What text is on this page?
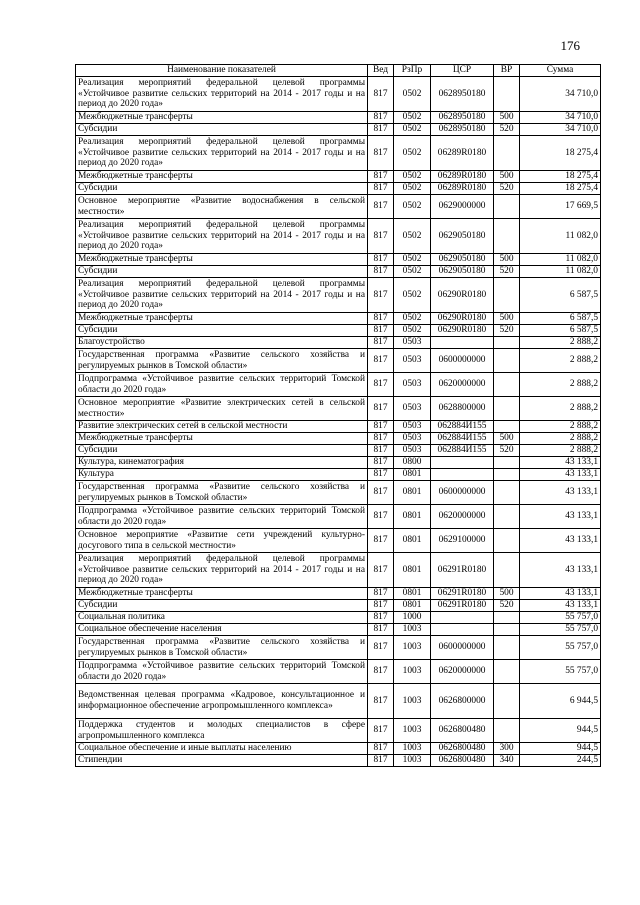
176
Наименование показателей	Вед	РзПр	ЦСР	ВР	Сумма
Реализация мероприятий федеральной целевой программы «Устойчивое развитие сельских территорий на 2014 - 2017 годы и на период до 2020 года»	817	0502	0628950180		34 710,0
Межбюджетные трансферты	817	0502	0628950180	500	34 710,0
Субсидии	817	0502	0628950180	520	34 710,0
Реализация мероприятий федеральной целевой программы «Устойчивое развитие сельских территорий на 2014 - 2017 годы и на период до 2020 года»	817	0502	06289R0180		18 275,4
Межбюджетные трансферты	817	0502	06289R0180	500	18 275,4
Субсидии	817	0502	06289R0180	520	18 275,4
Основное мероприятие «Развитие водоснабжения в сельской местности»	817	0502	0629000000		17 669,5
Реализация мероприятий федеральной целевой программы «Устойчивое развитие сельских территорий на 2014 - 2017 годы и на период до 2020 года»	817	0502	0629050180		11 082,0
Межбюджетные трансферты	817	0502	0629050180	500	11 082,0
Субсидии	817	0502	0629050180	520	11 082,0
Реализация мероприятий федеральной целевой программы «Устойчивое развитие сельских территорий на 2014 - 2017 годы и на период до 2020 года»	817	0502	06290R0180		6 587,5
Межбюджетные трансферты	817	0502	06290R0180	500	6 587,5
Субсидии	817	0502	06290R0180	520	6 587,5
Благоустройство	817	0503			2 888,2
Государственная программа «Развитие сельского хозяйства и регулируемых рынков в Томской области»	817	0503	0600000000		2 888,2
Подпрограмма «Устойчивое развитие сельских территорий Томской области до 2020 года»	817	0503	0620000000		2 888,2
Основное мероприятие «Развитие электрических сетей в сельской местности»	817	0503	0628800000		2 888,2
Развитие электрических сетей в сельской местности	817	0503	062884И155		2 888,2
Межбюджетные трансферты	817	0503	062884И155	500	2 888,2
Субсидии	817	0503	062884И155	520	2 888,2
Культура, кинематография	817	0800			43 133,1
Культура	817	0801			43 133,1
Государственная программа «Развитие сельского хозяйства и регулируемых рынков в Томской области»	817	0801	0600000000		43 133,1
Подпрограмма «Устойчивое развитие сельских территорий Томской области до 2020 года»	817	0801	0620000000		43 133,1
Основное мероприятие «Развитие сети учреждений культурно-досугового типа в сельской местности»	817	0801	0629100000		43 133,1
Реализация мероприятий федеральной целевой программы «Устойчивое развитие сельских территорий на 2014 - 2017 годы и на период до 2020 года»	817	0801	06291R0180		43 133,1
Межбюджетные трансферты	817	0801	06291R0180	500	43 133,1
Субсидии	817	0801	06291R0180	520	43 133,1
Социальная политика	817	1000			55 757,0
Социальное обеспечение населения	817	1003			55 757,0
Государственная программа «Развитие сельского хозяйства и регулируемых рынков в Томской области»	817	1003	0600000000		55 757,0
Подпрограмма «Устойчивое развитие сельских территорий Томской области до 2020 года»	817	1003	0620000000		55 757,0
Ведомственная целевая программа «Кадровое, консультационное и информационное обеспечение агропромышленного комплекса»	817	1003	0626800000		6 944,5
Поддержка студентов и молодых специалистов в сфере агропромышленного комплекса	817	1003	0626800480		944,5
Социальное обеспечение и иные выплаты населению	817	1003	0626800480	300	944,5
Стипендии	817	1003	0626800480	340	244,5
